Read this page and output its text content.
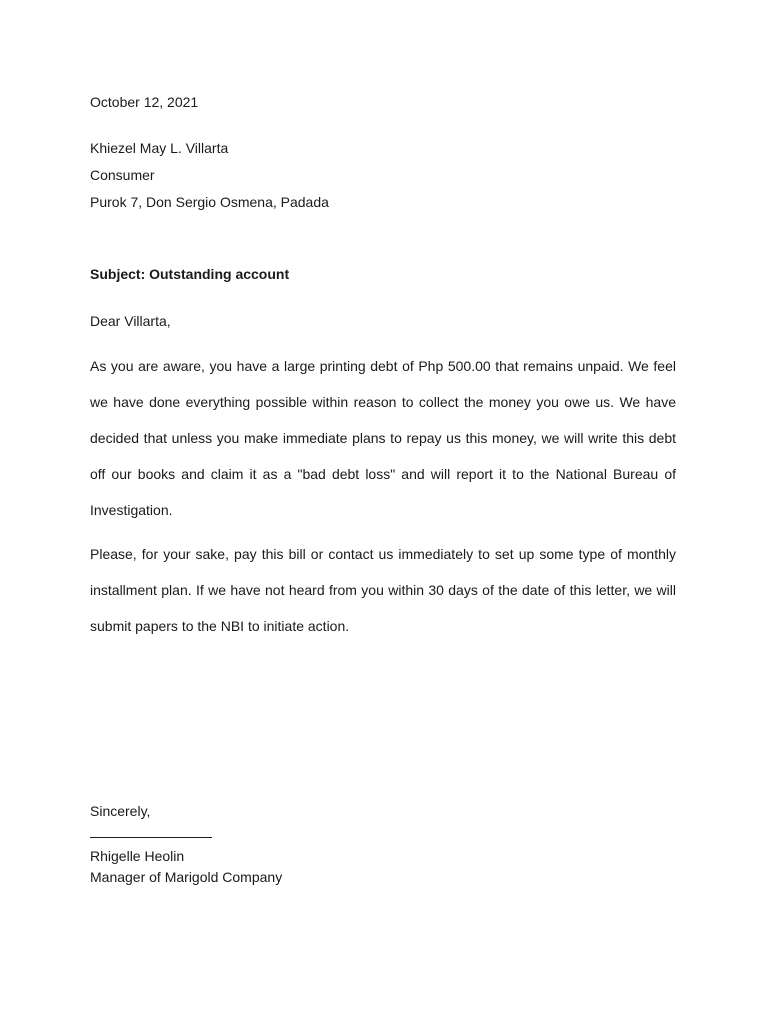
October 12, 2021
Khiezel May L. Villarta
Consumer
Purok 7, Don Sergio Osmena, Padada
Subject: Outstanding account
Dear Villarta,
As you are aware, you have a large printing debt of Php 500.00 that remains unpaid. We feel we have done everything possible within reason to collect the money you owe us. We have decided that unless you make immediate plans to repay us this money, we will write this debt off our books and claim it as a "bad debt loss" and will report it to the National Bureau of Investigation.
Please, for your sake, pay this bill or contact us immediately to set up some type of monthly installment plan. If we have not heard from you within 30 days of the date of this letter, we will submit papers to the NBI to initiate action.
Sincerely,
Rhigelle Heolin
Manager of Marigold Company
